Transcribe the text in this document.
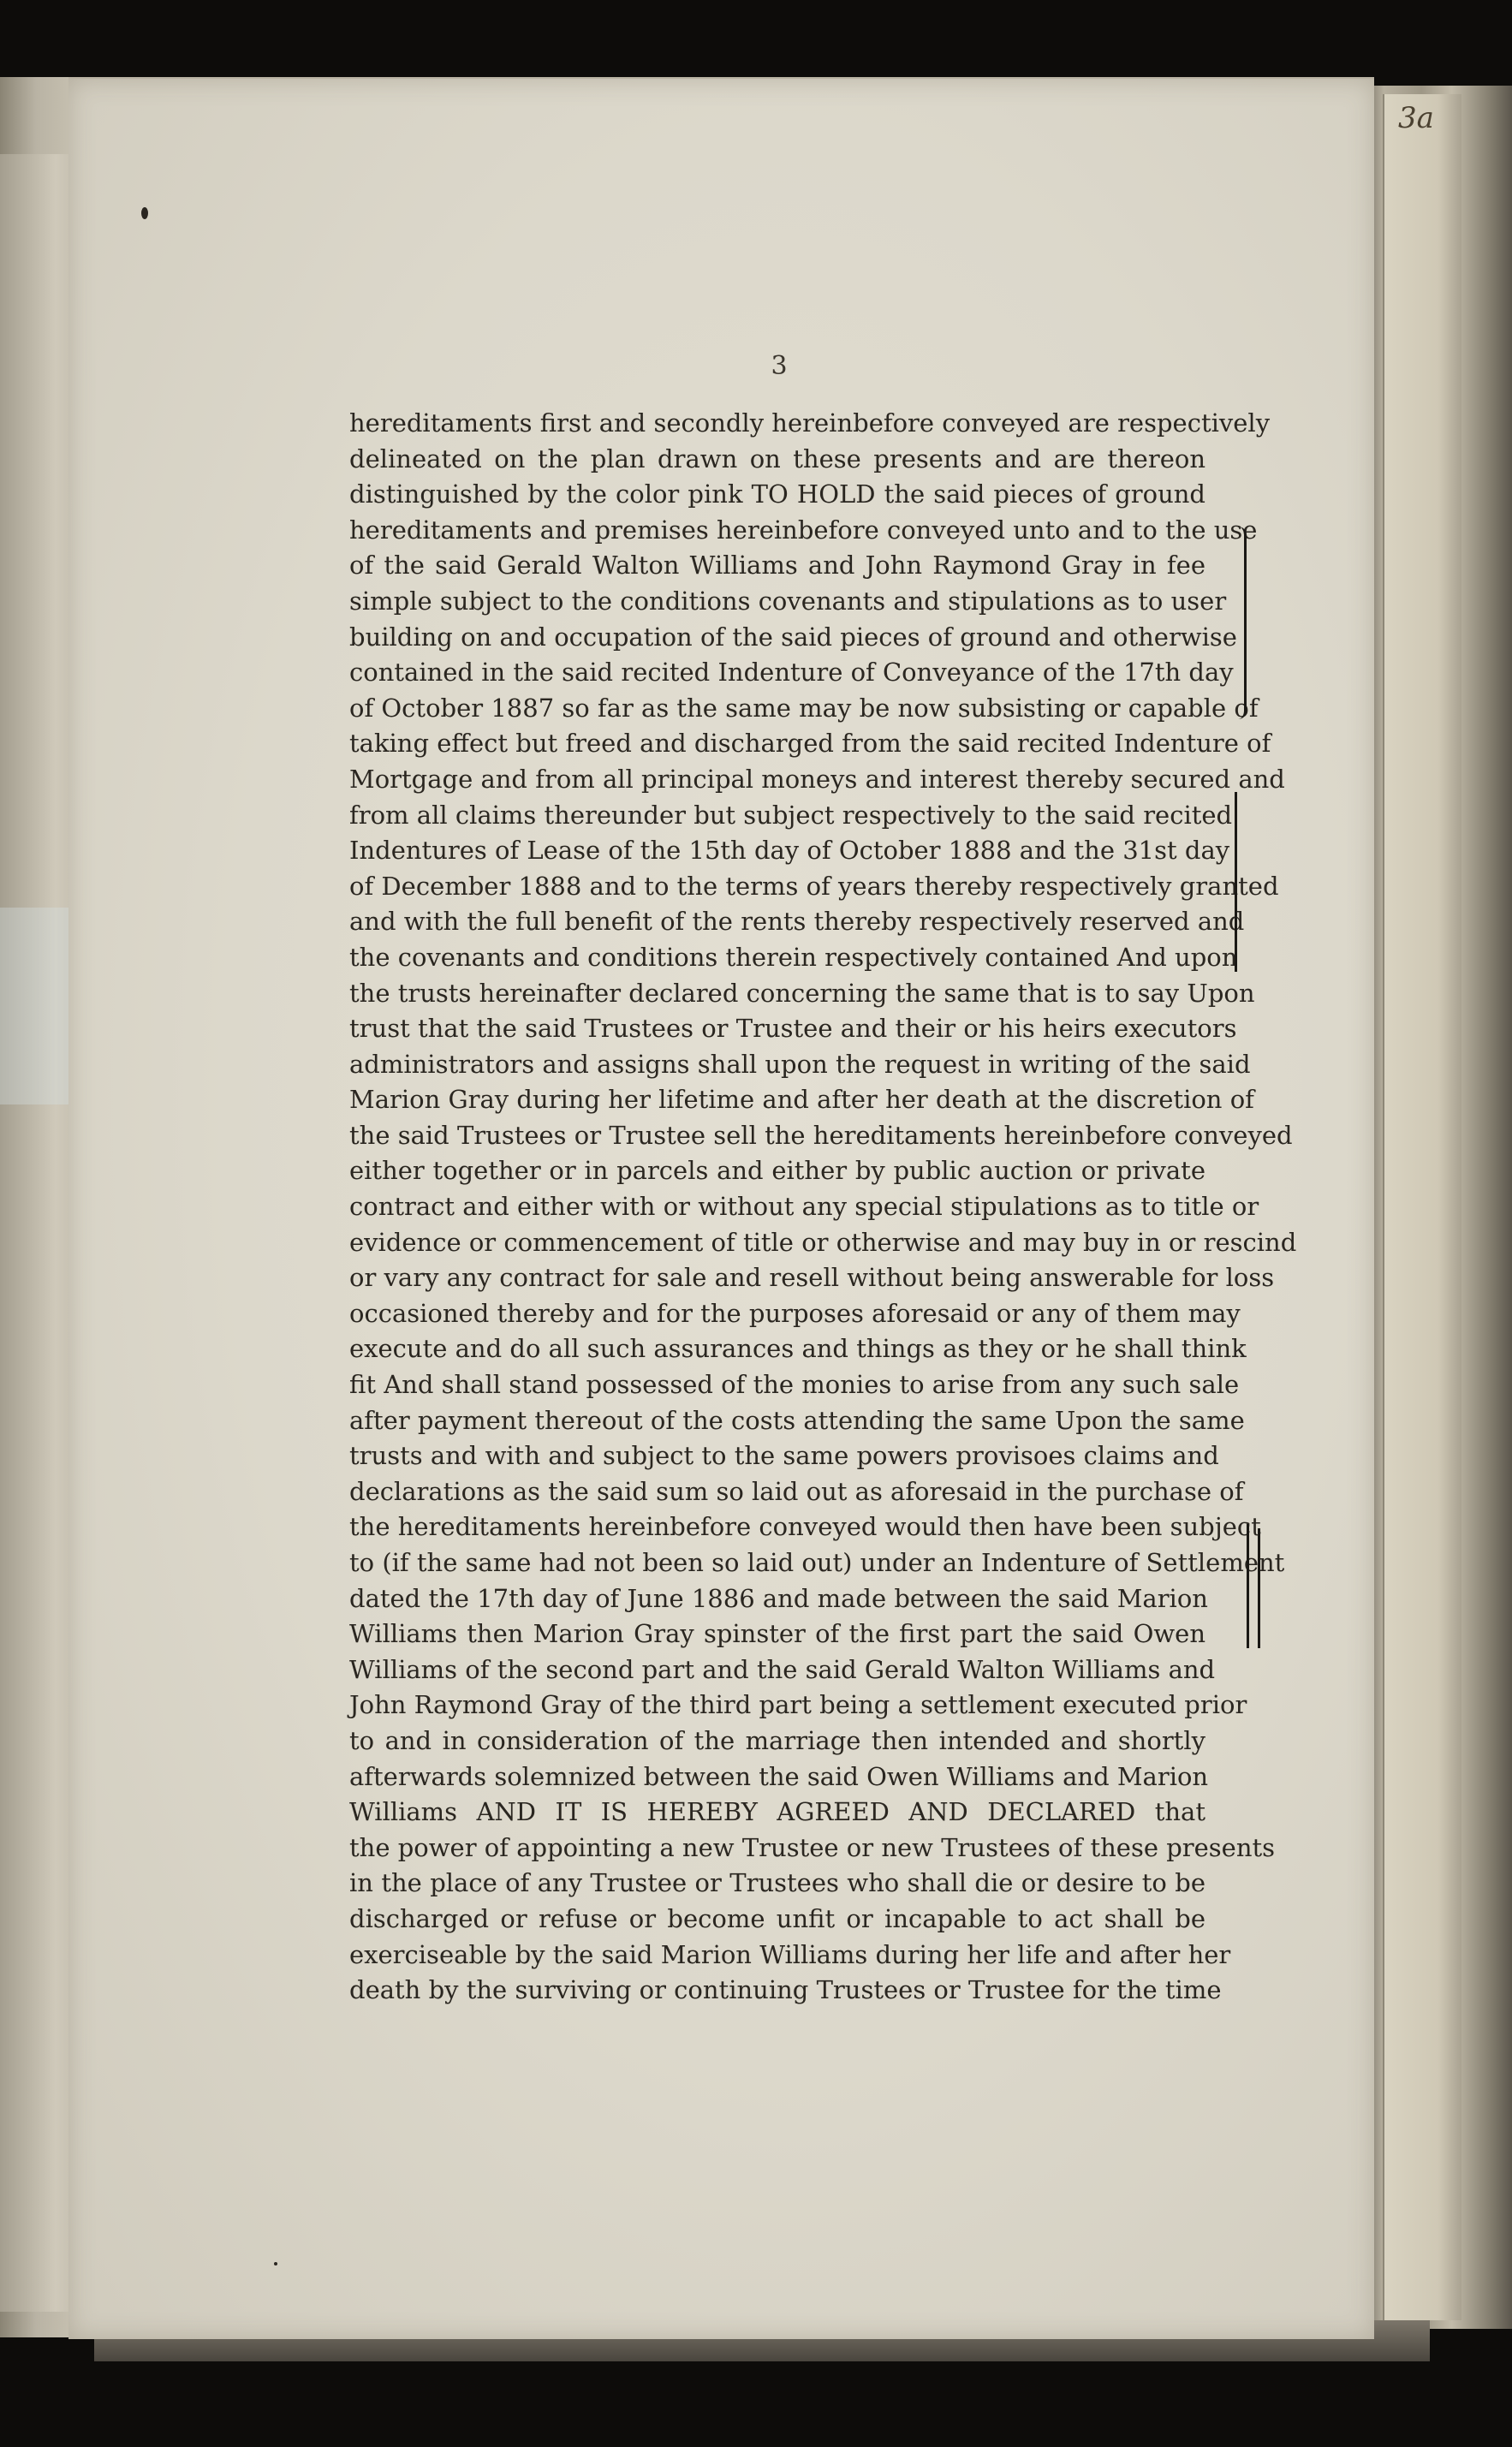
3a
3
hereditaments first and secondly hereinbefore conveyed are respectively
delineated on the plan drawn on these presents and are thereon
distinguished by the color pink TO HOLD the said pieces of ground
hereditaments and premises hereinbefore conveyed unto and to the use
of the said Gerald Walton Williams and John Raymond Gray in fee
simple subject to the conditions covenants and stipulations as to user
building on and occupation of the said pieces of ground and otherwise
contained in the said recited Indenture of Conveyance of the 17th day
of October 1887 so far as the same may be now subsisting or capable of
taking effect but freed and discharged from the said recited Indenture of
Mortgage and from all principal moneys and interest thereby secured and
from all claims thereunder but subject respectively to the said recited
Indentures of Lease of the 15th day of October 1888 and the 31st day
of December 1888 and to the terms of years thereby respectively granted
and with the full benefit of the rents thereby respectively reserved and
the covenants and conditions therein respectively contained And upon
the trusts hereinafter declared concerning the same that is to say Upon
trust that the said Trustees or Trustee and their or his heirs executors
administrators and assigns shall upon the request in writing of the said
Marion Gray during her lifetime and after her death at the discretion of
the said Trustees or Trustee sell the hereditaments hereinbefore conveyed
either together or in parcels and either by public auction or private
contract and either with or without any special stipulations as to title or
evidence or commencement of title or otherwise and may buy in or rescind
or vary any contract for sale and resell without being answerable for loss
occasioned thereby and for the purposes aforesaid or any of them may
execute and do all such assurances and things as they or he shall think
fit And shall stand possessed of the monies to arise from any such sale
after payment thereout of the costs attending the same Upon the same
trusts and with and subject to the same powers provisoes claims and
declarations as the said sum so laid out as aforesaid in the purchase of
the hereditaments hereinbefore conveyed would then have been subject
to (if the same had not been so laid out) under an Indenture of Settlement
dated the 17th day of June 1886 and made between the said Marion
Williams then Marion Gray spinster of the first part the said Owen
Williams of the second part and the said Gerald Walton Williams and
John Raymond Gray of the third part being a settlement executed prior
to and in consideration of the marriage then intended and shortly
afterwards solemnized between the said Owen Williams and Marion
Williams AND IT IS HEREBY AGREED AND DECLARED that
the power of appointing a new Trustee or new Trustees of these presents
in the place of any Trustee or Trustees who shall die or desire to be
discharged or refuse or become unfit or incapable to act shall be
exerciseable by the said Marion Williams during her life and after her
death by the surviving or continuing Trustees or Trustee for the time
